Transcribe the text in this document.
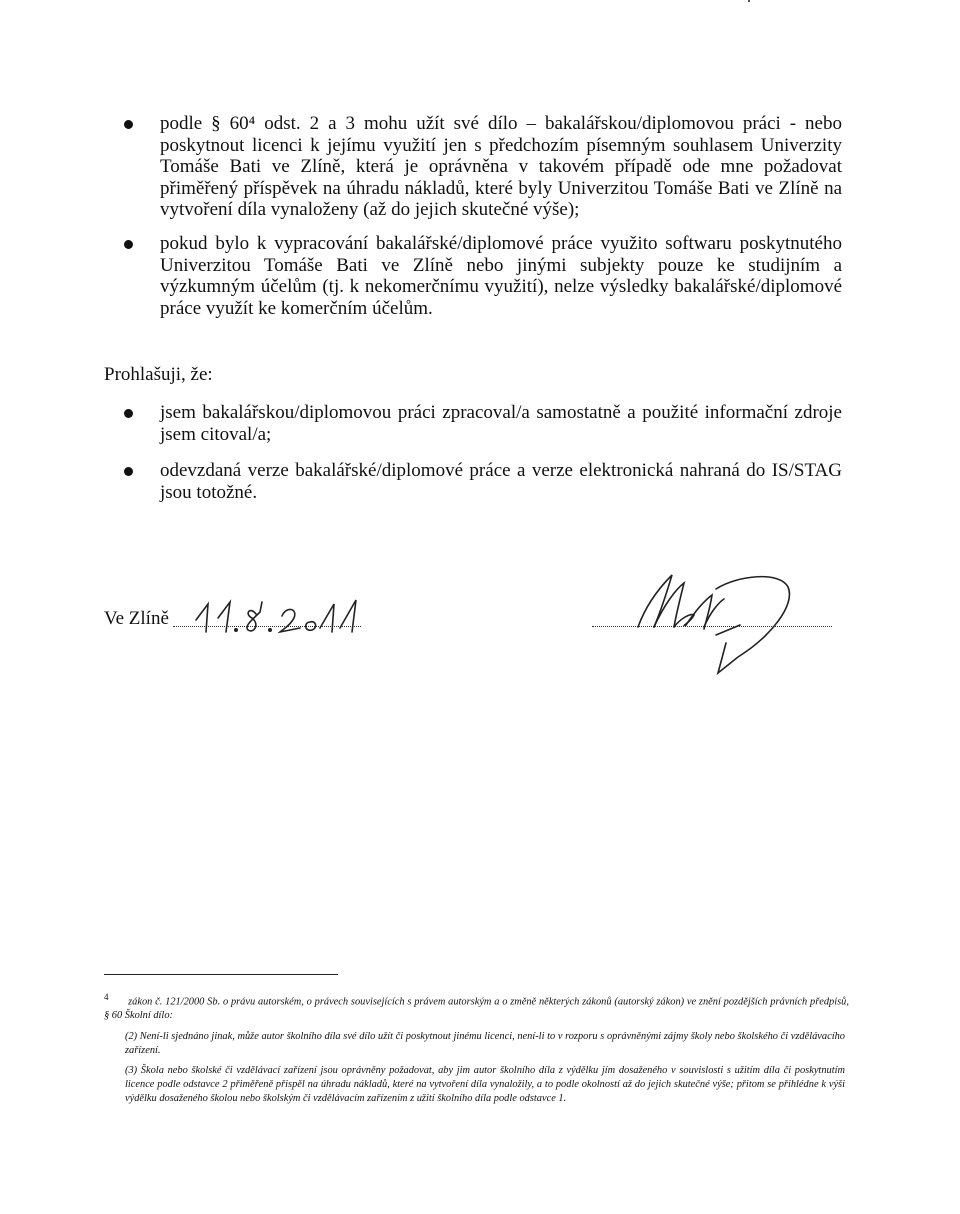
podle § 60⁴ odst. 2 a 3 mohu užít své dílo – bakalářskou/diplomovou práci - nebo poskytnout licenci k jejímu využití jen s předchozím písemným souhlasem Univerzity Tomáše Bati ve Zlíně, která je oprávněna v takovém případě ode mne požadovat přiměřený příspěvek na úhradu nákladů, které byly Univerzitou Tomáše Bati ve Zlíně na vytvoření díla vynaloženy (až do jejich skutečné výše);
pokud bylo k vypracování bakalářské/diplomové práce využito softwaru poskytnutého Univerzitou Tomáše Bati ve Zlíně nebo jinými subjekty pouze ke studijním a výzkumným účelům (tj. k nekomerčnímu využití), nelze výsledky bakalářské/diplomové práce využít ke komerčním účelům.
Prohlašuji, že:
jsem bakalářskou/diplomovou práci zpracoval/a samostatně a použité informační zdroje jsem citoval/a;
odevzdaná verze bakalářské/diplomové práce a verze elektronická nahraná do IS/STAG jsou totožné.
Ve Zlíně
$^4$ zákon č. 121/2000 Sb. o právu autorském, o právech souvisejících s právem autorským a o změně některých zákonů (autorský zákon) ve znění pozdějších právních předpisů, § 60 Školní dílo:
(2) Není-li sjednáno jinak, může autor školního díla své dílo užít či poskytnout jinému licenci, není-li to v rozporu s oprávněnými zájmy školy nebo školského či vzdělávacího zařízení.
(3) Škola nebo školské či vzdělávací zařízení jsou oprávněny požadovat, aby jim autor školního díla z výdělku jím dosaženého v souvislosti s užitím díla či poskytnutím licence podle odstavce 2 přiměřeně přispěl na úhradu nákladů, které na vytvoření díla vynaložily, a to podle okolností až do jejich skutečné výše; přitom se přihlédne k výši výdělku dosaženého školou nebo školským či vzdělávacím zařízením z užití školního díla podle odstavce 1.
